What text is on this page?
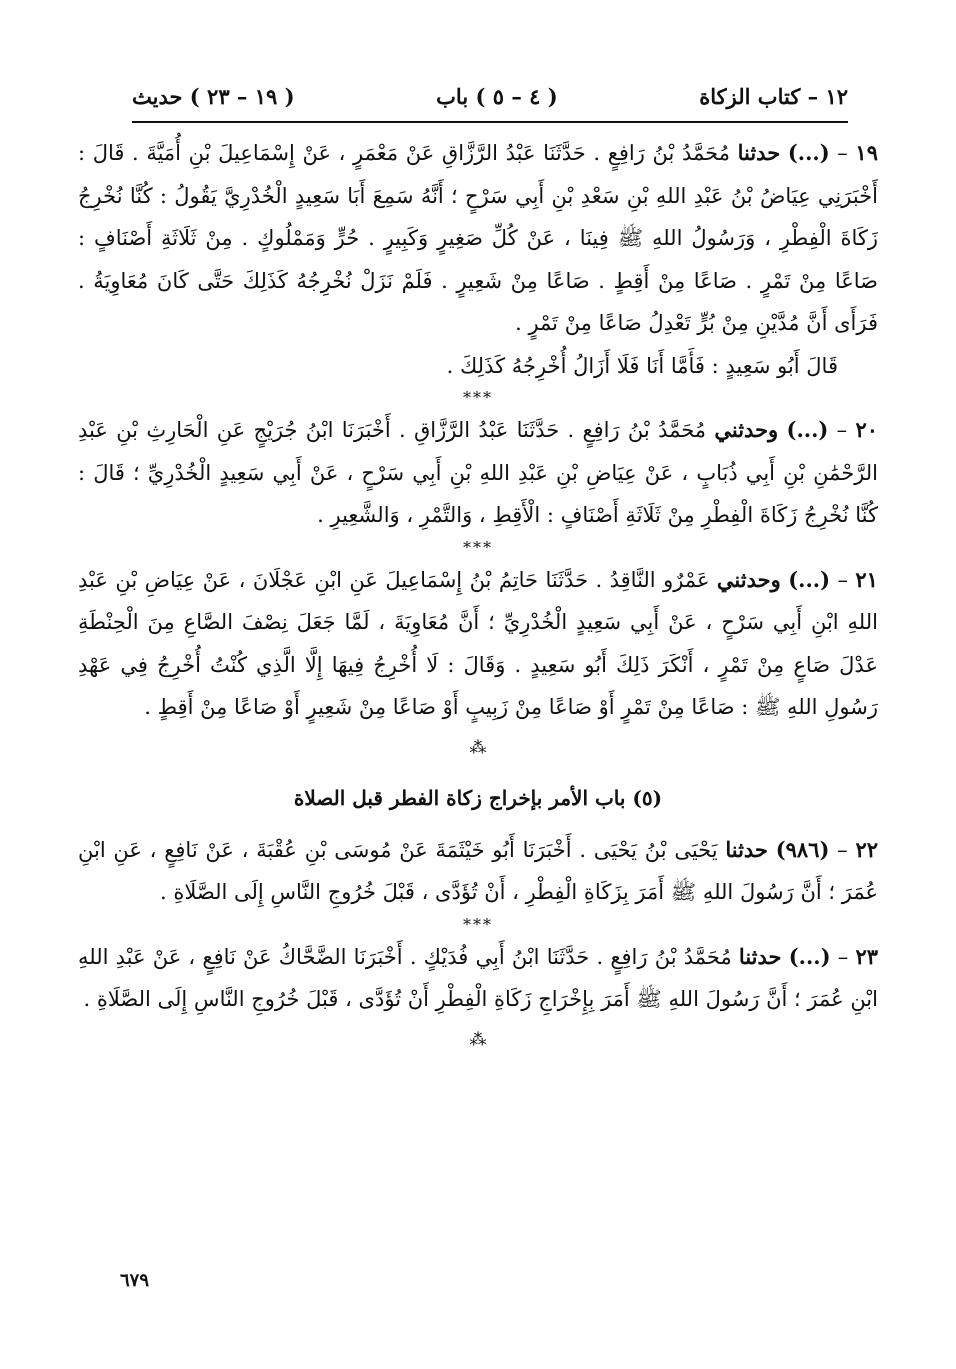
١٢ – كتاب الزكاة
( ٤ – ٥ ) باب
( ١٩ – ٢٣ ) حديث

١٩ – (...) حدثنا مُحَمَّدُ بْنُ رَافِعٍ . حَدَّثَنَا عَبْدُ الرَّزَّاقِ عَنْ مَعْمَرٍ ، عَنْ إِسْمَاعِيلَ بْنِ أُمَيَّةَ . قَالَ : أَخْبَرَنِي عِيَاضُ بْنُ عَبْدِ اللهِ بْنِ سَعْدِ بْنِ أَبِي سَرْحٍ ؛ أَنَّهُ سَمِعَ أَبَا سَعِيدٍ الْخُدْرِيَّ يَقُولُ : كُنَّا نُخْرِجُ زَكَاةَ الْفِطْرِ ، وَرَسُولُ اللهِ ﷺ فِينَا ، عَنْ كُلِّ صَغِيرٍ وَكَبِيرٍ . حُرٍّ وَمَمْلُوكٍ . مِنْ ثَلَاثَةِ أَصْنَافٍ : صَاعًا مِنْ تَمْرٍ . صَاعًا مِنْ أَقِطٍ . صَاعًا مِنْ شَعِيرٍ . فَلَمْ نَزَلْ نُخْرِجُهُ كَذَلِكَ حَتَّى كَانَ مُعَاوِيَةُ . فَرَأَى أَنَّ مُدَّيْنِ مِنْ بُرٍّ تَعْدِلُ صَاعًا مِنْ تَمْرٍ .

قَالَ أَبُو سَعِيدٍ : فَأَمَّا أَنَا فَلَا أَزَالُ أُخْرِجُهُ كَذَلِكَ .

***

٢٠ – (...) وحدثني مُحَمَّدُ بْنُ رَافِعٍ . حَدَّثَنَا عَبْدُ الرَّزَّاقِ . أَخْبَرَنَا ابْنُ جُرَيْجٍ عَنِ الْحَارِثِ بْنِ عَبْدِ الرَّحْمَٰنِ بْنِ أَبِي ذُبَابٍ ، عَنْ عِيَاضِ بْنِ عَبْدِ اللهِ بْنِ أَبِي سَرْحٍ ، عَنْ أَبِي سَعِيدٍ الْخُدْرِيِّ ؛ قَالَ : كُنَّا نُخْرِجُ زَكَاةَ الْفِطْرِ مِنْ ثَلَاثَةِ أَصْنَافٍ : الْأَقِطِ ، وَالتَّمْرِ ، وَالشَّعِيرِ .

***

٢١ – (...) وحدثني عَمْرٌو النَّاقِدُ . حَدَّثَنَا حَاتِمُ بْنُ إِسْمَاعِيلَ عَنِ ابْنِ عَجْلَانَ ، عَنْ عِيَاضِ بْنِ عَبْدِ اللهِ ابْنِ أَبِي سَرْحٍ ، عَنْ أَبِي سَعِيدٍ الْخُدْرِيِّ ؛ أَنَّ مُعَاوِيَةَ ، لَمَّا جَعَلَ نِصْفَ الصَّاعِ مِنَ الْحِنْطَةِ عَدْلَ صَاعٍ مِنْ تَمْرٍ ، أَنْكَرَ ذَلِكَ أَبُو سَعِيدٍ . وَقَالَ : لَا أُخْرِجُ فِيهَا إِلَّا الَّذِي كُنْتُ أُخْرِجُ فِي عَهْدِ رَسُولِ اللهِ ﷺ : صَاعًا مِنْ تَمْرٍ أَوْ صَاعًا مِنْ زَبِيبٍ أَوْ صَاعًا مِنْ شَعِيرٍ أَوْ صَاعًا مِنْ أَقِطٍ .

⁂

(٥) باب الأمر بإخراج زكاة الفطر قبل الصلاة

٢٢ – (٩٨٦) حدثنا يَحْيَى بْنُ يَحْيَى . أَخْبَرَنَا أَبُو خَيْثَمَةَ عَنْ مُوسَى بْنِ عُقْبَةَ ، عَنْ نَافِعٍ ، عَنِ ابْنِ عُمَرَ ؛ أَنَّ رَسُولَ اللهِ ﷺ أَمَرَ بِزَكَاةِ الْفِطْرِ ، أَنْ تُؤَدَّى ، قَبْلَ خُرُوجِ النَّاسِ إِلَى الصَّلَاةِ .

***

٢٣ – (...) حدثنا مُحَمَّدُ بْنُ رَافِعٍ . حَدَّثَنَا ابْنُ أَبِي فُدَيْكٍ . أَخْبَرَنَا الضَّحَّاكُ عَنْ نَافِعٍ ، عَنْ عَبْدِ اللهِ ابْنِ عُمَرَ ؛ أَنَّ رَسُولَ اللهِ ﷺ أَمَرَ بِإِخْرَاجِ زَكَاةِ الْفِطْرِ أَنْ تُؤَدَّى ، قَبْلَ خُرُوجِ النَّاسِ إِلَى الصَّلَاةِ .

⁂

٦٧٩
